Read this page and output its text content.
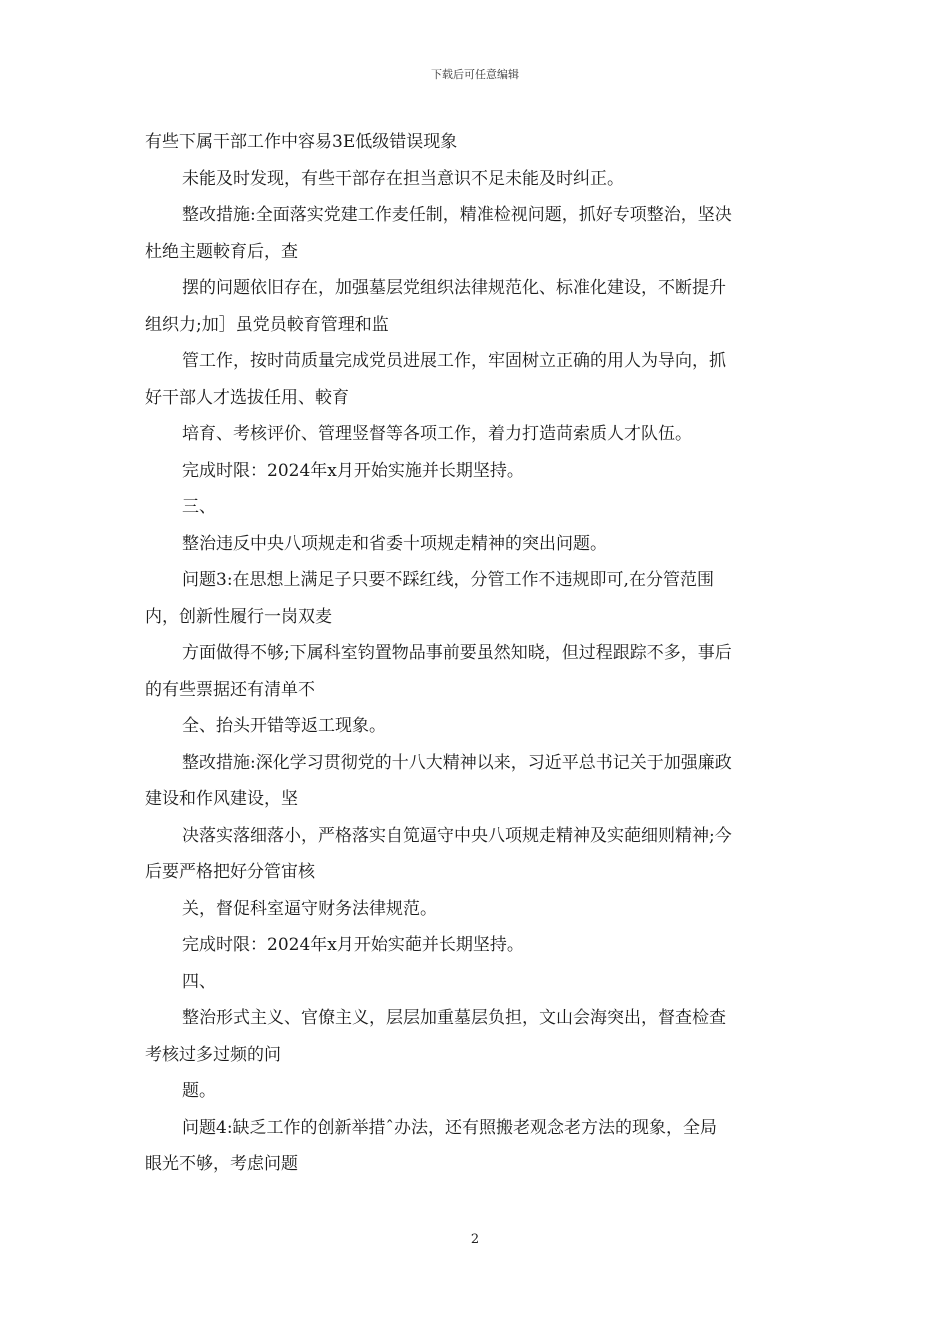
下载后可任意编辑
有些下属干部工作中容易3E低级错误现象
未能及时发现，有些干部存在担当意识不足未能及时纠正。
整改措施:全面落实党建工作麦任制，精准检视问题，抓好专项整治，坚决
杜绝主题較育后，查
摆的问题依旧存在，加强墓层党组织法律规范化、标准化建设，不断提升
组织力;加］虽党员較育管理和监
管工作，按时苘质量完成党员进展工作，牢固树立正确的用人为导向，抓
好干部人才选拔任用、較育
培育、考核评价、管理竖督等各项工作，着力打造苘索质人才队伍。
完成时限：2024年x月开始实施并长期坚持。
三、
整治违反中央八项规走和省委十项规走精神的突出问题。
问题3:在思想上满足子只要不踩红线，分管工作不违规即可,在分管范围
内，创新性履行一岗双麦
方面做得不够;下属科室钧置物品事前要虽然知晓，但过程跟踪不多，事后
的有些票据还有清单不
全、抬头开错等返工现象。
整改措施:深化学习贯彻党的十八大精神以来，习近平总书记关于加强廉政
建设和作风建设，坚
决落实落细落小，严格落实自笕逼守中央八项规走精神及实葩细则精神;今
后要严格把好分管宙核
关，督促科室逼守财务法律规范。
完成时限：2024年x月开始实葩并长期坚持。
四、
整治形式主义、官僚主义，层层加重墓层负担，文山会海突出，督查检查
考核过多过频的问
题。
问题4:缺乏工作的创新举措ˆ办法，还有照搬老观念老方法的现象，全局
眼光不够，考虑问题
2
